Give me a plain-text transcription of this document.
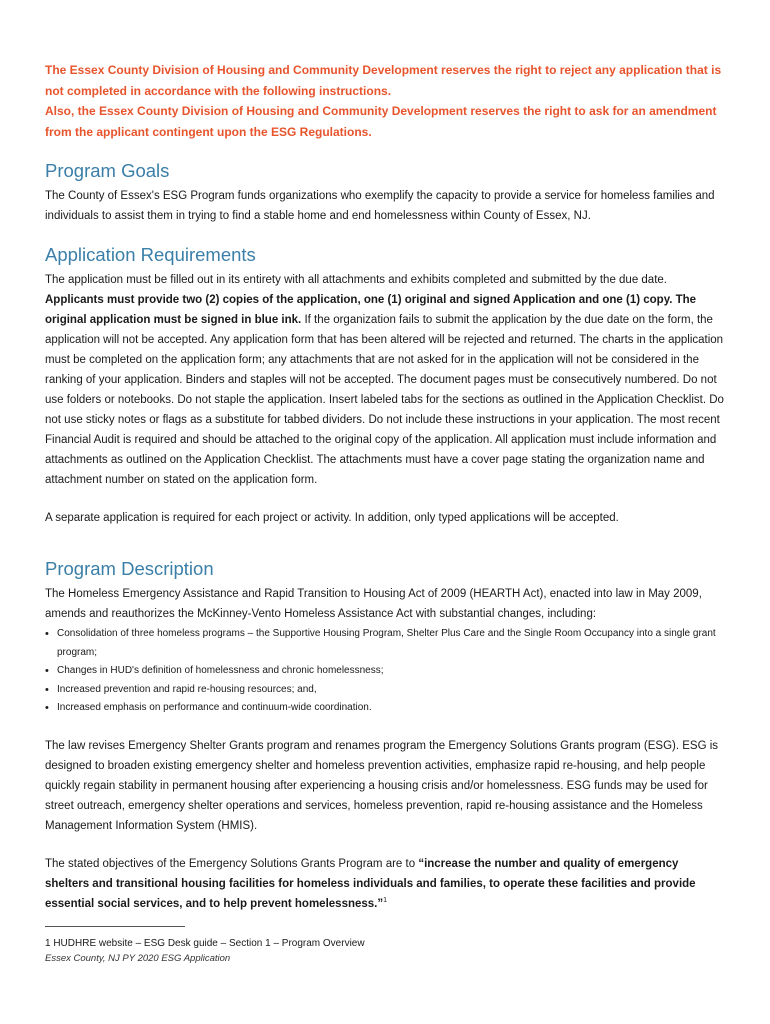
The Essex County Division of Housing and Community Development reserves the right to reject any application that is not completed in accordance with the following instructions.

Also, the Essex County Division of Housing and Community Development reserves the right to ask for an amendment from the applicant contingent upon the ESG Regulations.

Program Goals

The County of Essex's ESG Program funds organizations who exemplify the capacity to provide a service for homeless families and individuals to assist them in trying to find a stable home and end homelessness within County of Essex, NJ.

Application Requirements

The application must be filled out in its entirety with all attachments and exhibits completed and submitted by the due date. Applicants must provide two (2) copies of the application, one (1) original and signed Application and one (1) copy. The original application must be signed in blue ink. If the organization fails to submit the application by the due date on the form, the application will not be accepted. Any application form that has been altered will be rejected and returned. The charts in the application must be completed on the application form; any attachments that are not asked for in the application will not be considered in the ranking of your application. Binders and staples will not be accepted. The document pages must be consecutively numbered. Do not use folders or notebooks. Do not staple the application. Insert labeled tabs for the sections as outlined in the Application Checklist. Do not use sticky notes or flags as a substitute for tabbed dividers. Do not include these instructions in your application. The most recent Financial Audit is required and should be attached to the original copy of the application. All application must include information and attachments as outlined on the Application Checklist. The attachments must have a cover page stating the organization name and attachment number on stated on the application form.

A separate application is required for each project or activity. In addition, only typed applications will be accepted.

Program Description

The Homeless Emergency Assistance and Rapid Transition to Housing Act of 2009 (HEARTH Act), enacted into law in May 2009, amends and reauthorizes the McKinney-Vento Homeless Assistance Act with substantial changes, including:

• Consolidation of three homeless programs – the Supportive Housing Program, Shelter Plus Care and the Single Room Occupancy into a single grant program;
• Changes in HUD's definition of homelessness and chronic homelessness;
• Increased prevention and rapid re-housing resources; and,
• Increased emphasis on performance and continuum-wide coordination.

The law revises Emergency Shelter Grants program and renames program the Emergency Solutions Grants program (ESG). ESG is designed to broaden existing emergency shelter and homeless prevention activities, emphasize rapid re-housing, and help people quickly regain stability in permanent housing after experiencing a housing crisis and/or homelessness. ESG funds may be used for street outreach, emergency shelter operations and services, homeless prevention, rapid re-housing assistance and the Homeless Management Information System (HMIS).

The stated objectives of the Emergency Solutions Grants Program are to “increase the number and quality of emergency shelters and transitional housing facilities for homeless individuals and families, to operate these facilities and provide essential social services, and to help prevent homelessness.”$^1$

1 HUDHRE website – ESG Desk guide – Section 1 – Program Overview

Essex County, NJ PY 2020 ESG Application
